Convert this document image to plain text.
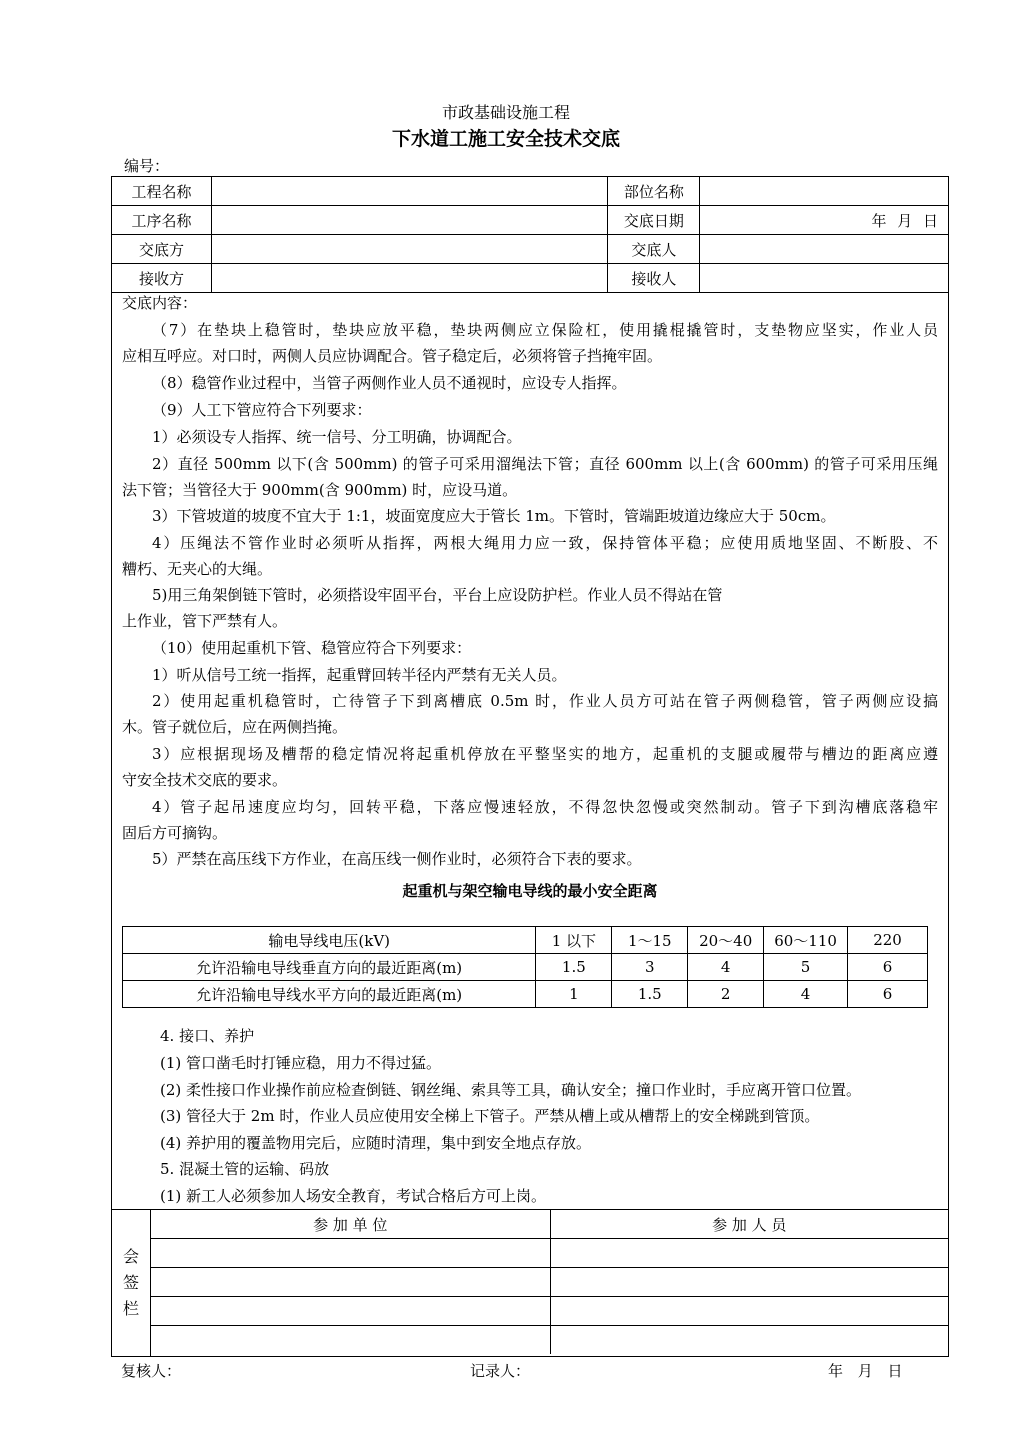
市政基础设施工程
下水道工施工安全技术交底
编号：
工程名称		部位名称	
工序名称		交底日期	年 月 日
交底方		交底人	
接收方		接收人	
交底内容：
（7）在垫块上稳管时，垫块应放平稳，垫块两侧应立保险杠，使用撬棍撬管时，支垫物应坚实，作业人员
应相互呼应。对口时，两侧人员应协调配合。管子稳定后，必须将管子挡掩牢固。
（8）稳管作业过程中，当管子两侧作业人员不通视时，应设专人指挥。
（9）人工下管应符合下列要求：
1）必须设专人指挥、统一信号、分工明确，协调配合。
2）直径 500mm 以下(含 500mm) 的管子可采用溜绳法下管；直径 600mm 以上(含 600mm) 的管子可采用压绳
法下管；当管径大于 900mm(含 900mm) 时，应设马道。
3）下管坡道的坡度不宜大于 1:1，坡面宽度应大于管长 1m。下管时，管端距坡道边缘应大于 50cm。
4）压绳法不管作业时必须听从指挥，两根大绳用力应一致，保持管体平稳；应使用质地坚固、不断股、不
糟朽、无夹心的大绳。
5)用三角架倒链下管时，必须搭设牢固平台，平台上应设防护栏。作业人员不得站在管
上作业，管下严禁有人。
（10）使用起重机下管、稳管应符合下列要求：
1）听从信号工统一指挥，起重臂回转半径内严禁有无关人员。
2）使用起重机稳管时，亡待管子下到离槽底 0.5m 时，作业人员方可站在管子两侧稳管，管子两侧应设搞
木。管子就位后，应在两侧挡掩。
3）应根据现场及槽帮的稳定情况将起重机停放在平整坚实的地方，起重机的支腿或履带与槽边的距离应遵
守安全技术交底的要求。
4）管子起吊速度应均匀，回转平稳，下落应慢速轻放，不得忽快忽慢或突然制动。管子下到沟槽底落稳牢
固后方可摘钩。
5）严禁在高压线下方作业，在高压线一侧作业时，必须符合下表的要求。
起重机与架空输电导线的最小安全距离
输电导线电压(kV)	1 以下	1～15	20～40	60～110	220
允许沿输电导线垂直方向的最近距离(m)	1.5	3	4	5	6
允许沿输电导线水平方向的最近距离(m)	1	1.5	2	4	6
4. 接口、养护
(1) 管口凿毛时打锤应稳，用力不得过猛。
(2) 柔性接口作业操作前应检查倒链、钢丝绳、索具等工具，确认安全；撞口作业时，手应离开管口位置。
(3) 管径大于 2m 时，作业人员应使用安全梯上下管子。严禁从槽上或从槽帮上的安全梯跳到管顶。
(4) 养护用的覆盖物用完后，应随时清理，集中到安全地点存放。
5. 混凝土管的运输、码放
(1) 新工人必须参加人场安全教育，考试合格后方可上岗。
会
签
栏
参 加 单 位	参 加 人 员

复核人：	记录人：	年 月 日
